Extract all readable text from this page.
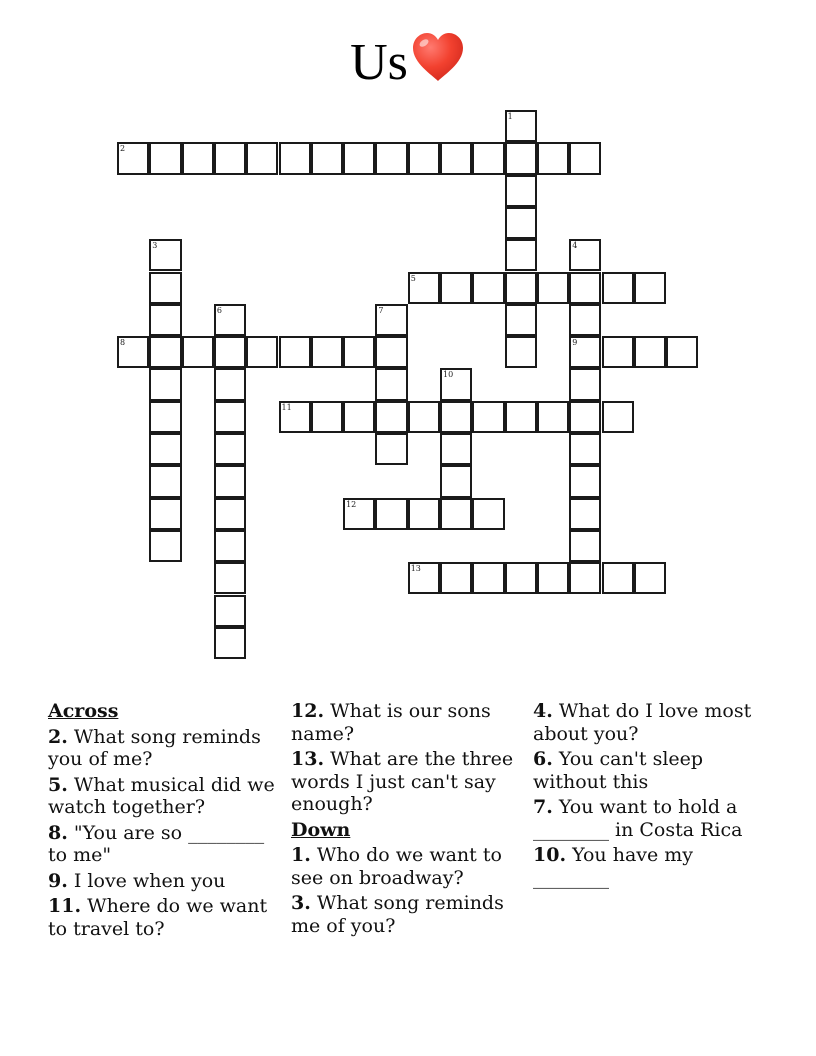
Us
1
2
3	4
9
5
6	7
8
10
11
12
13
Across
2. What song reminds you of me?
5. What musical did we watch together?
8. "You are so ________ to me"
9. I love when you
11. Where do we want to travel to?
12. What is our sons name?
13. What are the three words I just can't say enough?
Down
1. Who do we want to see on broadway?
3. What song reminds me of you?
4. What do I love most about you?
6. You can't sleep without this
7. You want to hold a ________ in Costa Rica
10. You have my ________
